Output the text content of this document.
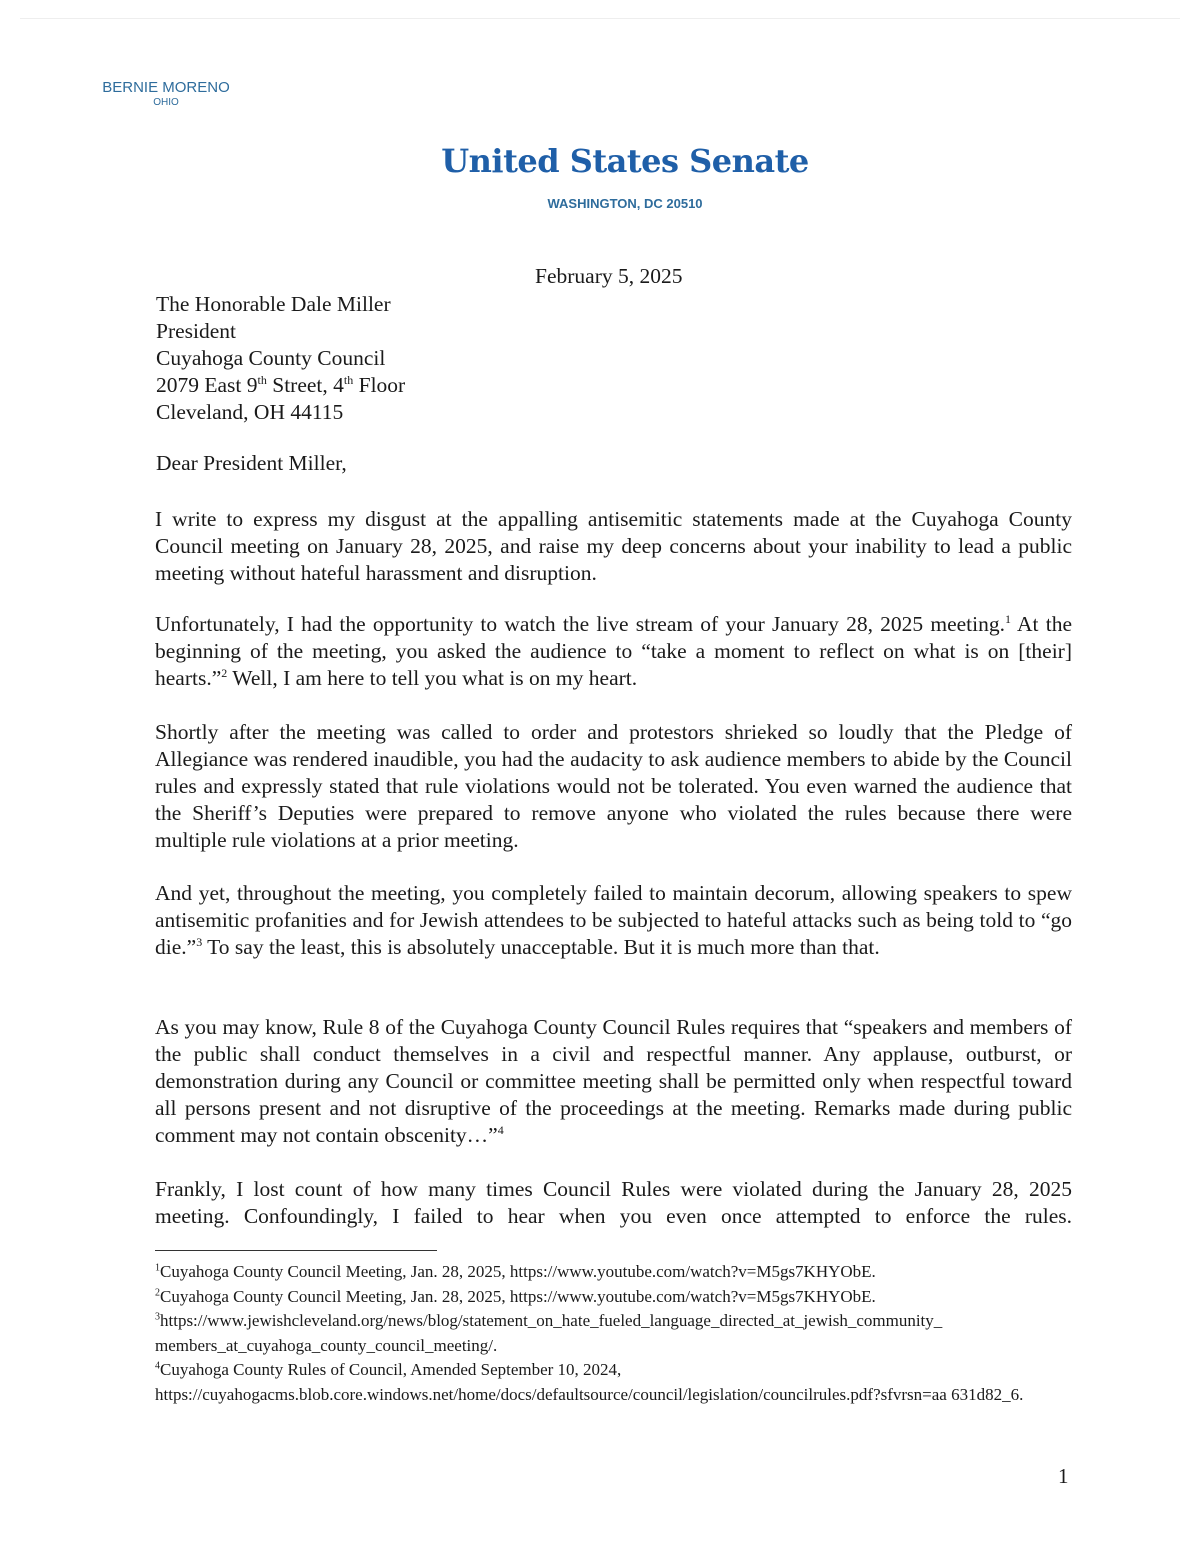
BERNIE MORENO
OHIO
United States Senate
WASHINGTON, DC 20510
February 5, 2025
The Honorable Dale Miller
President
Cuyahoga County Council
2079 East 9th Street, 4th Floor
Cleveland, OH 44115
Dear President Miller,
I write to express my disgust at the appalling antisemitic statements made at the Cuyahoga County Council meeting on January 28, 2025, and raise my deep concerns about your inability to lead a public meeting without hateful harassment and disruption.
Unfortunately, I had the opportunity to watch the live stream of your January 28, 2025 meeting.$^1$ At the beginning of the meeting, you asked the audience to “take a moment to reflect on what is on [their] hearts.”$^2$ Well, I am here to tell you what is on my heart.
Shortly after the meeting was called to order and protestors shrieked so loudly that the Pledge of Allegiance was rendered inaudible, you had the audacity to ask audience members to abide by the Council rules and expressly stated that rule violations would not be tolerated. You even warned the audience that the Sheriff’s Deputies were prepared to remove anyone who violated the rules because there were multiple rule violations at a prior meeting.
And yet, throughout the meeting, you completely failed to maintain decorum, allowing speakers to spew antisemitic profanities and for Jewish attendees to be subjected to hateful attacks such as being told to “go die.”$^3$ To say the least, this is absolutely unacceptable. But it is much more than that.
As you may know, Rule 8 of the Cuyahoga County Council Rules requires that “speakers and members of the public shall conduct themselves in a civil and respectful manner. Any applause, outburst, or demonstration during any Council or committee meeting shall be permitted only when respectful toward all persons present and not disruptive of the proceedings at the meeting. Remarks made during public comment may not contain obscenity…”$^4$
Frankly, I lost count of how many times Council Rules were violated during the January 28, 2025 meeting. Confoundingly, I failed to hear when you even once attempted to enforce the rules.
$^1$Cuyahoga County Council Meeting, Jan. 28, 2025, https://www.youtube.com/watch?v=M5gs7KHYObE.
$^2$Cuyahoga County Council Meeting, Jan. 28, 2025, https://www.youtube.com/watch?v=M5gs7KHYObE.
$^3$https://www.jewishcleveland.org/news/blog/statement_on_hate_fueled_language_directed_at_jewish_community_ members_at_cuyahoga_county_council_meeting/.
$^4$Cuyahoga County Rules of Council, Amended September 10, 2024,
https://cuyahogacms.blob.core.windows.net/home/docs/defaultsource/council/legislation/councilrules.pdf?sfvrsn=aa 631d82_6.
1
